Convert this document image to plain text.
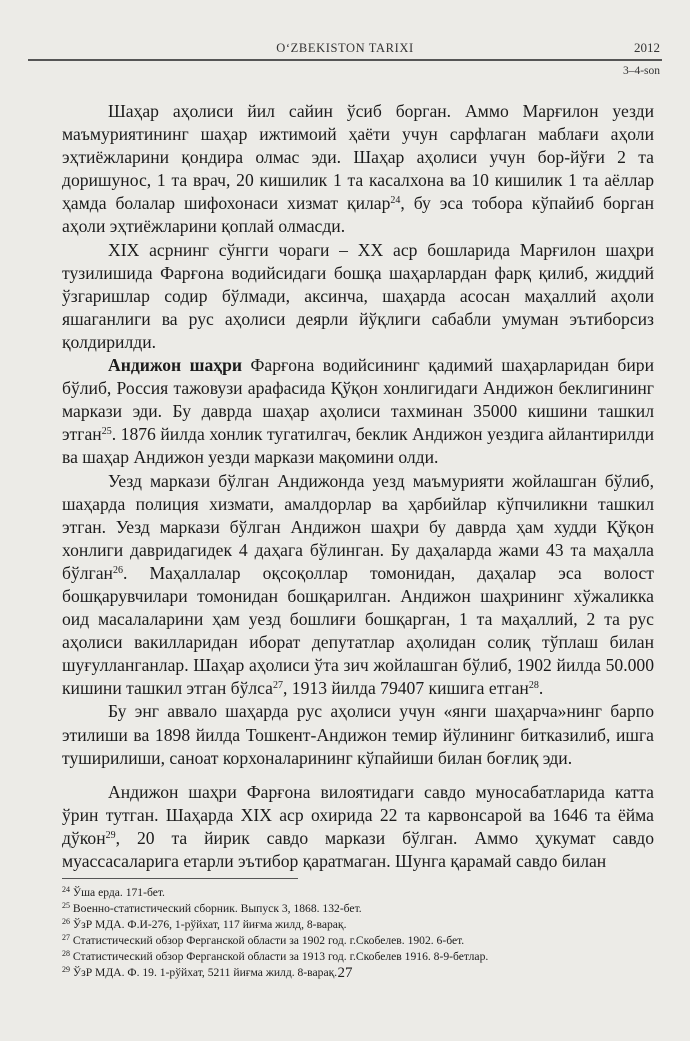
O‘ZBEKISTON TARIXI	2012
3–4-son

Шаҳар аҳолиси йил сайин ўсиб борган. Аммо Марғилон уезди маъмуриятининг шаҳар ижтимоий ҳаёти учун сарфлаган маблағи аҳоли эҳтиёжларини қондира олмас эди. Шаҳар аҳолиси учун бор-йўғи 2 та доришунос, 1 та врач, 20 кишилик 1 та касалхона ва 10 кишилик 1 та аёллар ҳамда болалар шифохонаси хизмат қилар$^{24}$, бу эса тобора кўпайиб борган аҳоли эҳтиёжларини қоплай олмасди.

XIX асрнинг сўнгги чораги – XX аср бошларида Марғилон шаҳри тузилишида Фарғона водийсидаги бошқа шаҳарлардан фарқ қилиб, жиддий ўзгаришлар содир бўлмади, аксинча, шаҳарда асосан маҳаллий аҳоли яшаганлиги ва рус аҳолиси деярли йўқлиги сабабли умуман эътиборсиз қолдирилди.

Андижон шаҳри Фарғона водийсининг қадимий шаҳарларидан бири бўлиб, Россия тажовузи арафасида Қўқон хонлигидаги Андижон беклигининг маркази эди. Бу даврда шаҳар аҳолиси тахминан 35000 кишини ташкил этган$^{25}$. 1876 йилда хонлик тугатилгач, беклик Андижон уездига айлантирилди ва шаҳар Андижон уезди маркази мақомини олди.

Уезд маркази бўлган Андижонда уезд маъмурияти жойлашган бўлиб, шаҳарда полиция хизмати, амалдорлар ва ҳарбийлар кўпчиликни ташкил этган. Уезд маркази бўлган Андижон шаҳри бу даврда ҳам худди Қўқон хонлиги давридагидек 4 даҳага бўлинган. Бу даҳаларда жами 43 та маҳалла бўлган$^{26}$. Маҳаллалар оқсоқоллар томонидан, даҳалар эса волост бошқарувчилари томонидан бошқарилган. Андижон шаҳрининг хўжаликка оид масалаларини ҳам уезд бошлиғи бошқарган, 1 та маҳаллий, 2 та рус аҳолиси вакилларидан иборат депутатлар аҳолидан солиқ тўплаш билан шуғулланганлар. Шаҳар аҳолиси ўта зич жойлашган бўлиб, 1902 йилда 50.000 кишини ташкил этган бўлса$^{27}$, 1913 йилда 79407 кишига етган$^{28}$.

Бу энг аввало шаҳарда рус аҳолиси учун «янги шаҳарча»нинг барпо этилиши ва 1898 йилда Тошкент-Андижон темир йўлининг битказилиб, ишга туширилиши, саноат корхоналарининг кўпайиши билан боғлиқ эди.

Андижон шаҳри Фарғона вилоятидаги савдо муносабатларида катта ўрин тутган. Шаҳарда XIX аср охирида 22 та карвонсарой ва 1646 та ёйма дўкон$^{29}$, 20 та йирик савдо маркази бўлган. Аммо ҳукумат савдо муассасаларига етарли эътибор қаратмаган. Шунга қарамай савдо билан

$^{24}$ Ўша ерда. 171-бет.
$^{25}$ Военно-статистический сборник. Выпуск 3, 1868. 132-бет.
$^{26}$ ЎзР МДА. Ф.И-276, 1-рўйхат, 117 йиғма жилд, 8-варақ.
$^{27}$ Статистический обзор Ферганской области за 1902 год. г.Скобелев. 1902. 6-бет.
$^{28}$ Статистический обзор Ферганской области за 1913 год. г.Скобелев 1916. 8-9-бетлар.
$^{29}$ ЎзР МДА. Ф. 19. 1-рўйхат, 5211 йиғма жилд. 8-варақ. 27
